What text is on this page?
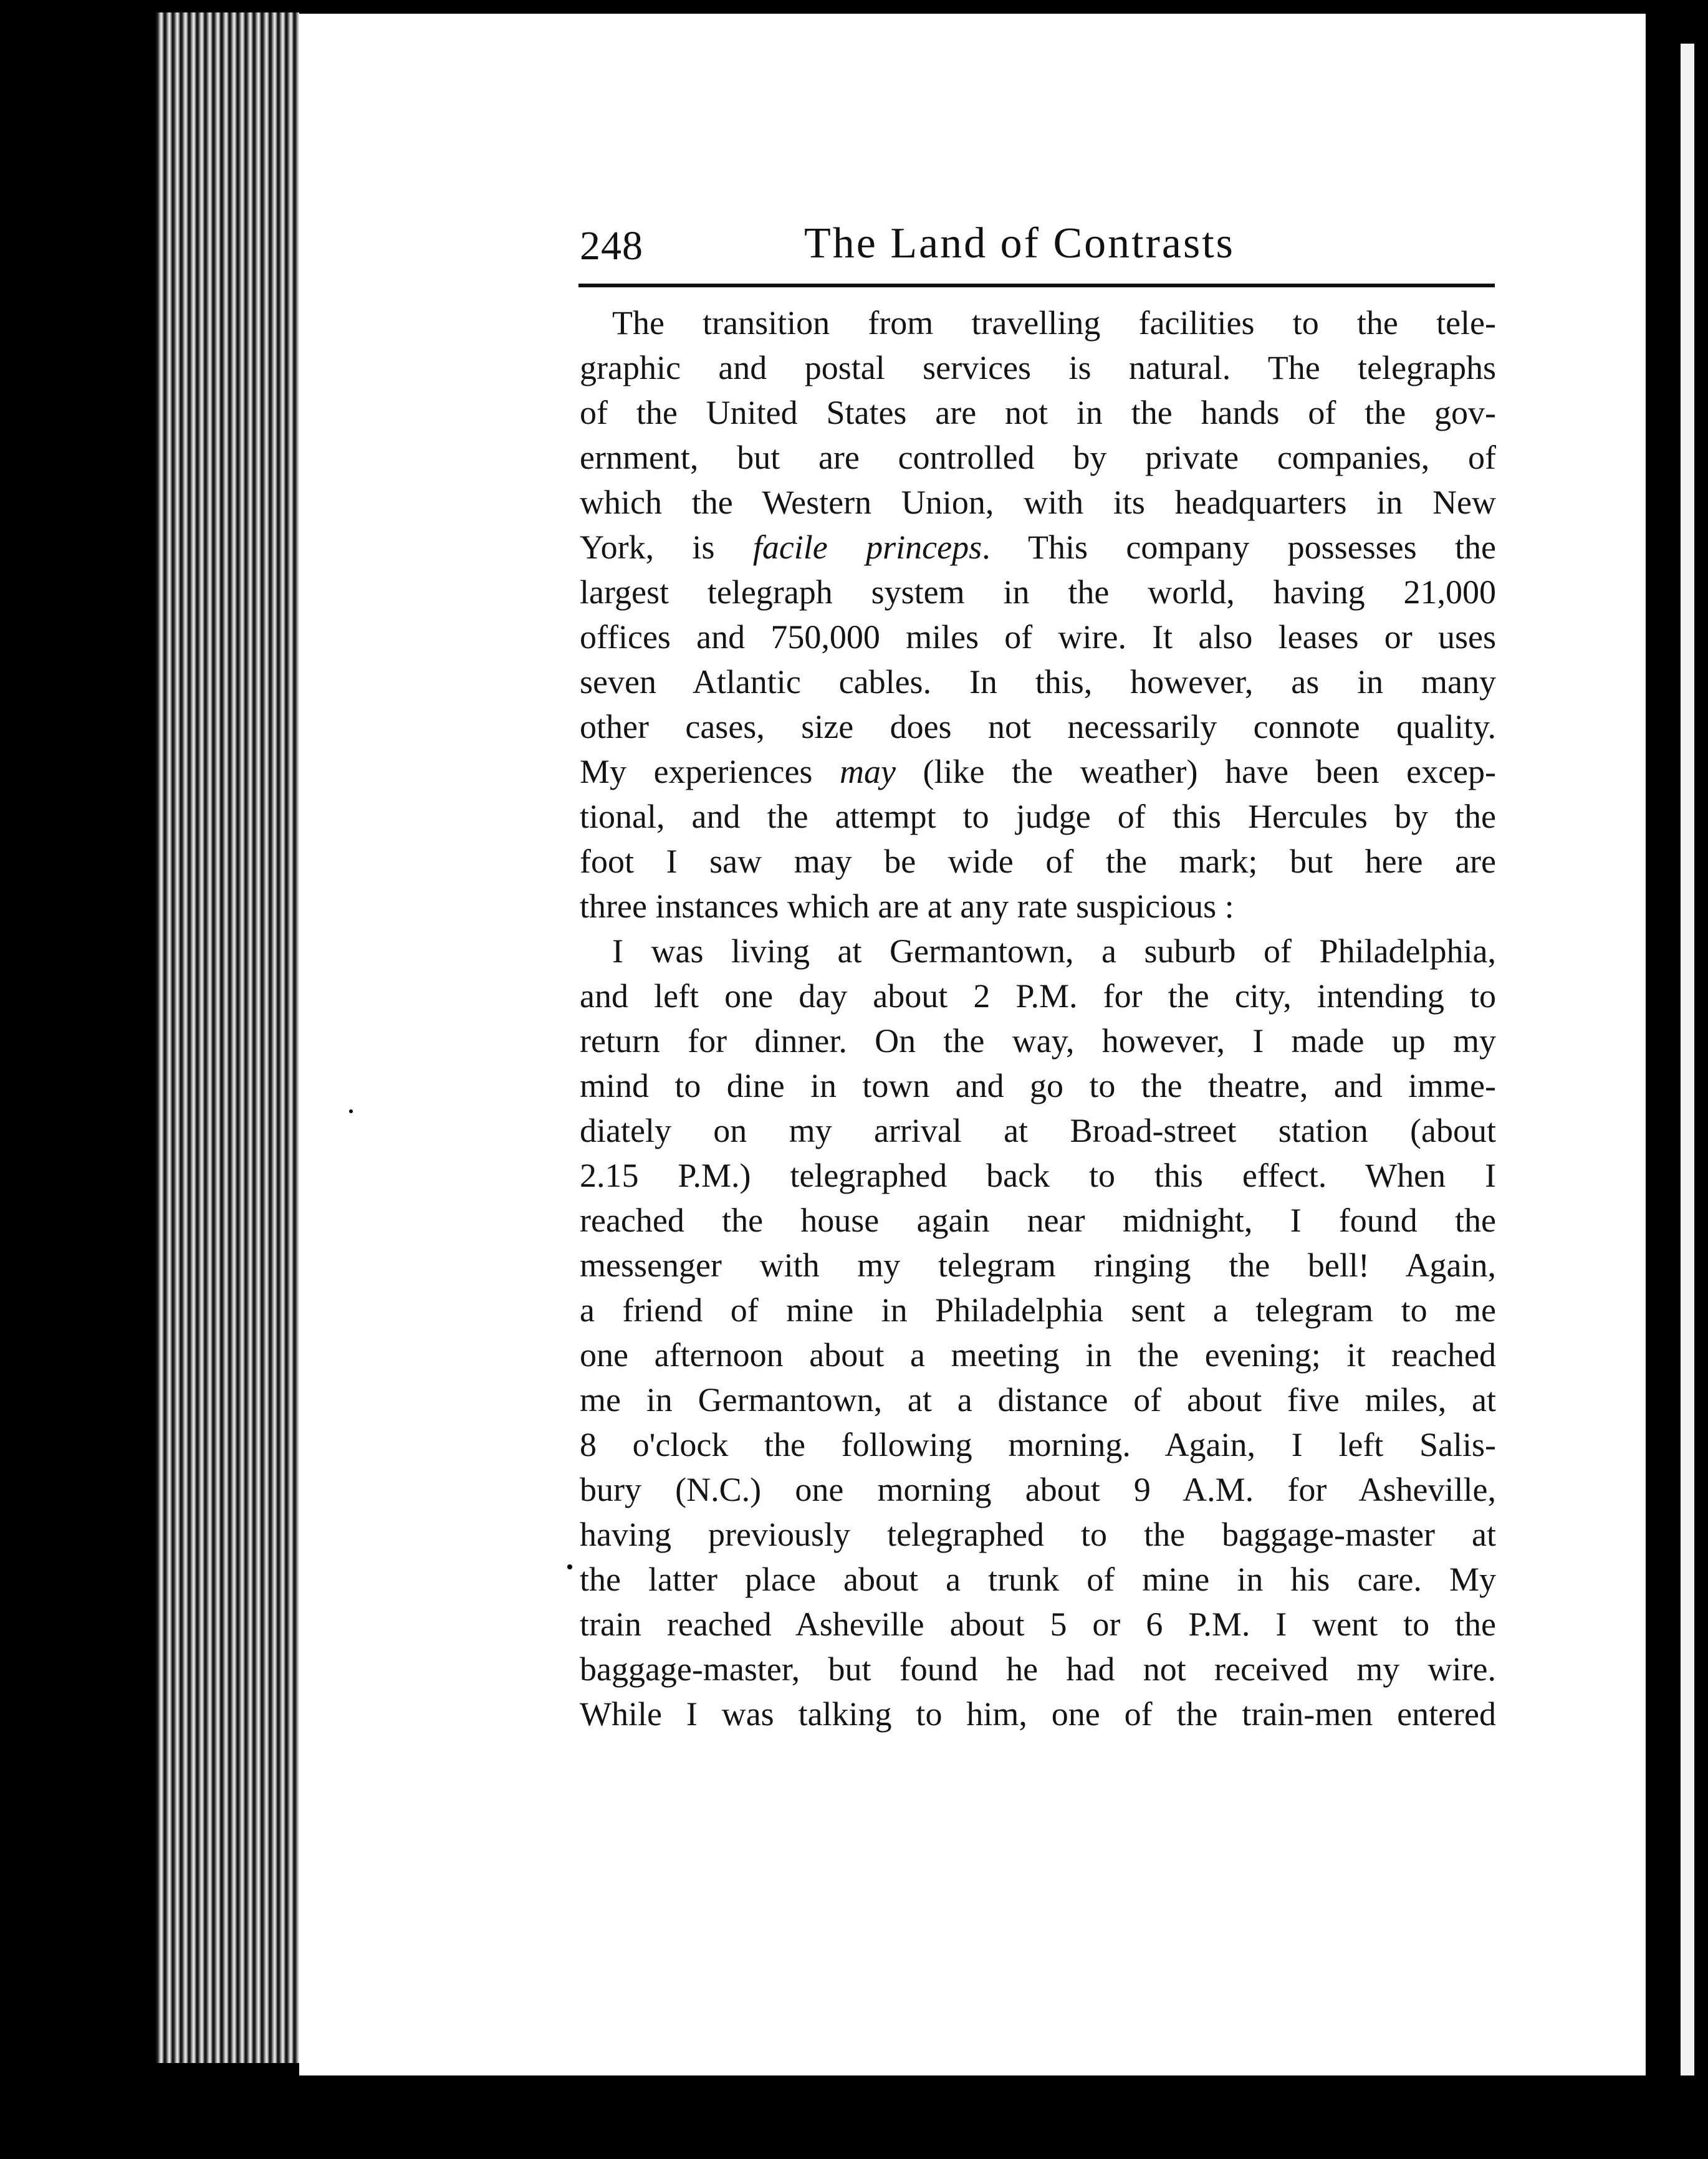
248	The Land of Contrasts
The transition from travelling facilities to the tele-
graphic and postal services is natural. The telegraphs
of the United States are not in the hands of the gov-
ernment, but are controlled by private companies, of
which the Western Union, with its headquarters in New
York, is facile princeps. This company possesses the
largest telegraph system in the world, having 21,000
offices and 750,000 miles of wire. It also leases or uses
seven Atlantic cables. In this, however, as in many
other cases, size does not necessarily connote quality.
My experiences may (like the weather) have been excep-
tional, and the attempt to judge of this Hercules by the
foot I saw may be wide of the mark; but here are
three instances which are at any rate suspicious :
I was living at Germantown, a suburb of Philadelphia,
and left one day about 2 P.M. for the city, intending to
return for dinner. On the way, however, I made up my
mind to dine in town and go to the theatre, and imme-
diately on my arrival at Broad-street station (about
2.15 P.M.) telegraphed back to this effect. When I
reached the house again near midnight, I found the
messenger with my telegram ringing the bell! Again,
a friend of mine in Philadelphia sent a telegram to me
one afternoon about a meeting in the evening; it reached
me in Germantown, at a distance of about five miles, at
8 o'clock the following morning. Again, I left Salis-
bury (N.C.) one morning about 9 A.M. for Asheville,
having previously telegraphed to the baggage-master at
the latter place about a trunk of mine in his care. My
train reached Asheville about 5 or 6 P.M. I went to the
baggage-master, but found he had not received my wire.
While I was talking to him, one of the train-men entered
